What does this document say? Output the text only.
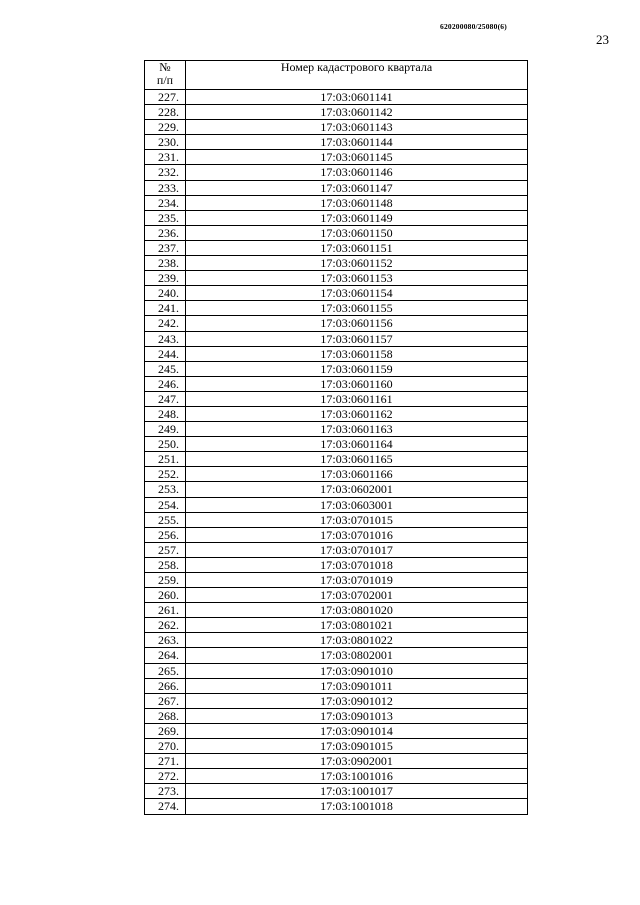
620200080/25080(6)
23
№
п/п	Номер кадастрового квартала
227.	17:03:0601141
228.	17:03:0601142
229.	17:03:0601143
230.	17:03:0601144
231.	17:03:0601145
232.	17:03:0601146
233.	17:03:0601147
234.	17:03:0601148
235.	17:03:0601149
236.	17:03:0601150
237.	17:03:0601151
238.	17:03:0601152
239.	17:03:0601153
240.	17:03:0601154
241.	17:03:0601155
242.	17:03:0601156
243.	17:03:0601157
244.	17:03:0601158
245.	17:03:0601159
246.	17:03:0601160
247.	17:03:0601161
248.	17:03:0601162
249.	17:03:0601163
250.	17:03:0601164
251.	17:03:0601165
252.	17:03:0601166
253.	17:03:0602001
254.	17:03:0603001
255.	17:03:0701015
256.	17:03:0701016
257.	17:03:0701017
258.	17:03:0701018
259.	17:03:0701019
260.	17:03:0702001
261.	17:03:0801020
262.	17:03:0801021
263.	17:03:0801022
264.	17:03:0802001
265.	17:03:0901010
266.	17:03:0901011
267.	17:03:0901012
268.	17:03:0901013
269.	17:03:0901014
270.	17:03:0901015
271.	17:03:0902001
272.	17:03:1001016
273.	17:03:1001017
274.	17:03:1001018
